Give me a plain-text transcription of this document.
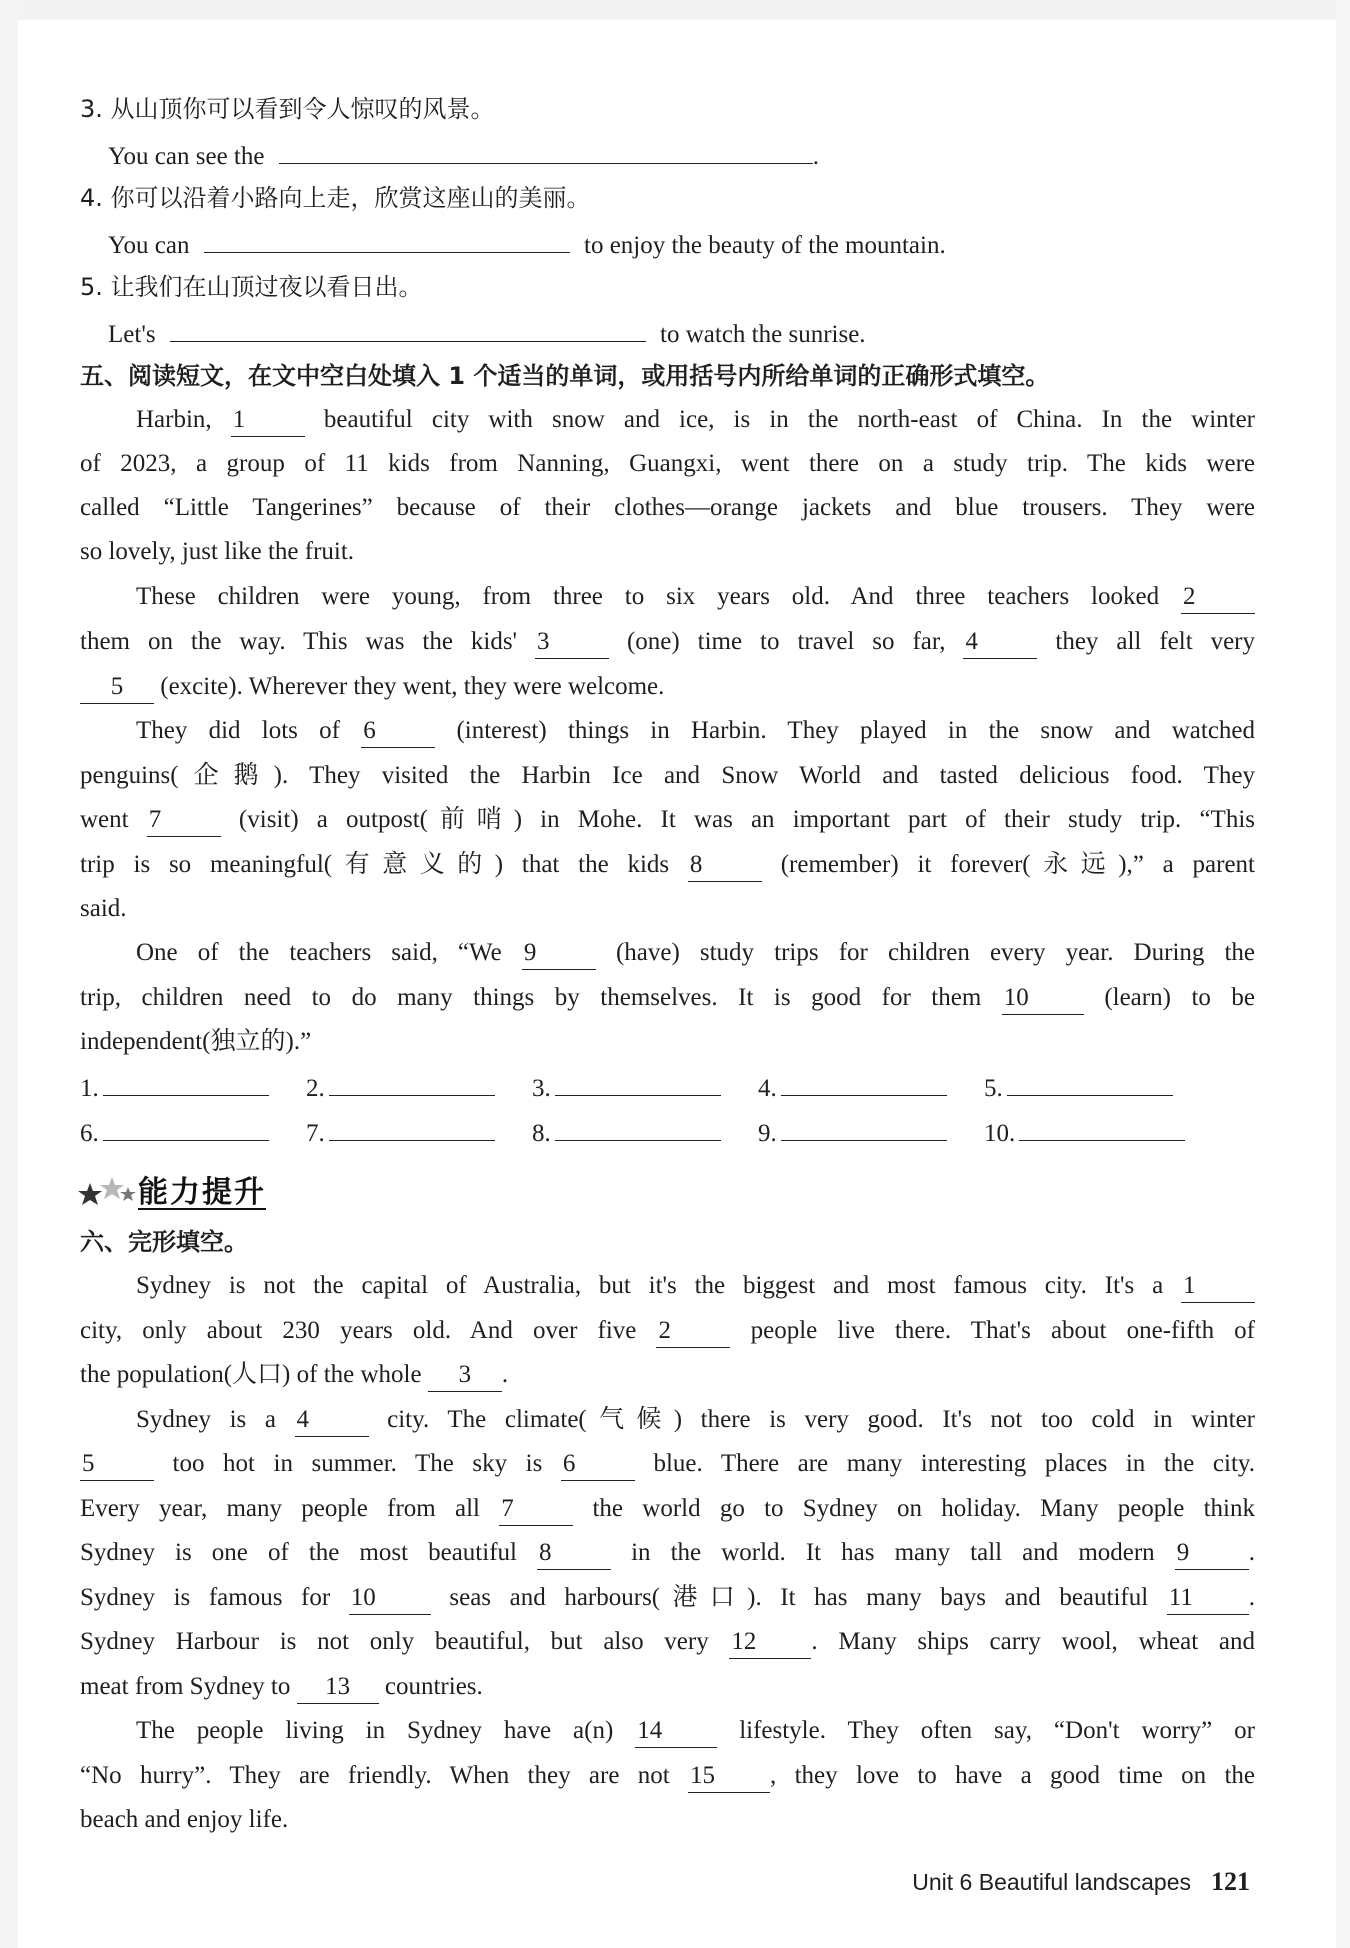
3. 从山顶你可以看到令人惊叹的风景。
You can see the	.
4. 你可以沿着小路向上走，欣赏这座山的美丽。
You can	to enjoy the beauty of the mountain.
5. 让我们在山顶过夜以看日出。
Let's	to watch the sunrise.
五、阅读短文，在文中空白处填入 1 个适当的单词，或用括号内所给单词的正确形式填空。
Harbin, 1	beautiful city with snow and ice, is in the north-east of China. In the winter
of 2023, a group of 11 kids from Nanning, Guangxi, went there on a study trip. The kids were
called “Little Tangerines” because of their clothes—orange jackets and blue trousers. They were
so lovely, just like the fruit.
These children were young, from three to six years old. And three teachers looked 2
them on the way. This was the kids' 3	(one) time to travel so far, 4	they all felt very
5 (excite). Wherever they went, they were welcome.
They did lots of 6	(interest) things in Harbin. They played in the snow and watched
penguins(企鹅). They visited the Harbin Ice and Snow World and tasted delicious food. They
went 7	(visit) a outpost(前哨) in Mohe. It was an important part of their study trip. “This
trip is so meaningful(有意义的) that the kids 8	(remember) it forever(永远),” a parent
said.
One of the teachers said, “We 9	(have) study trips for children every year. During the
trip, children need to do many things by themselves. It is good for them 10	(learn) to be
independent(独立的).”
1.	2.	3.	4.	5.
6.	7.	8.	9.	10.
能力提升
六、完形填空。
Sydney is not the capital of Australia, but it's the biggest and most famous city. It's a 1
city, only about 230 years old. And over five 2	people live there. That's about one-fifth of
the population(人口) of the whole 3 .
Sydney is a 4	city. The climate(气候) there is very good. It's not too cold in winter
5	too hot in summer. The sky is 6	blue. There are many interesting places in the city.
Every year, many people from all 7	the world go to Sydney on holiday. Many people think
Sydney is one of the most beautiful 8	in the world. It has many tall and modern 9 .
Sydney is famous for 10	seas and harbours(港口). It has many bays and beautiful 11 .
Sydney Harbour is not only beautiful, but also very 12 . Many ships carry wool, wheat and
meat from Sydney to 13 countries.
The people living in Sydney have a(n) 14	lifestyle. They often say, “Don't worry” or
“No hurry”. They are friendly. When they are not 15 , they love to have a good time on the
beach and enjoy life.
Unit 6 Beautiful landscapes 121
